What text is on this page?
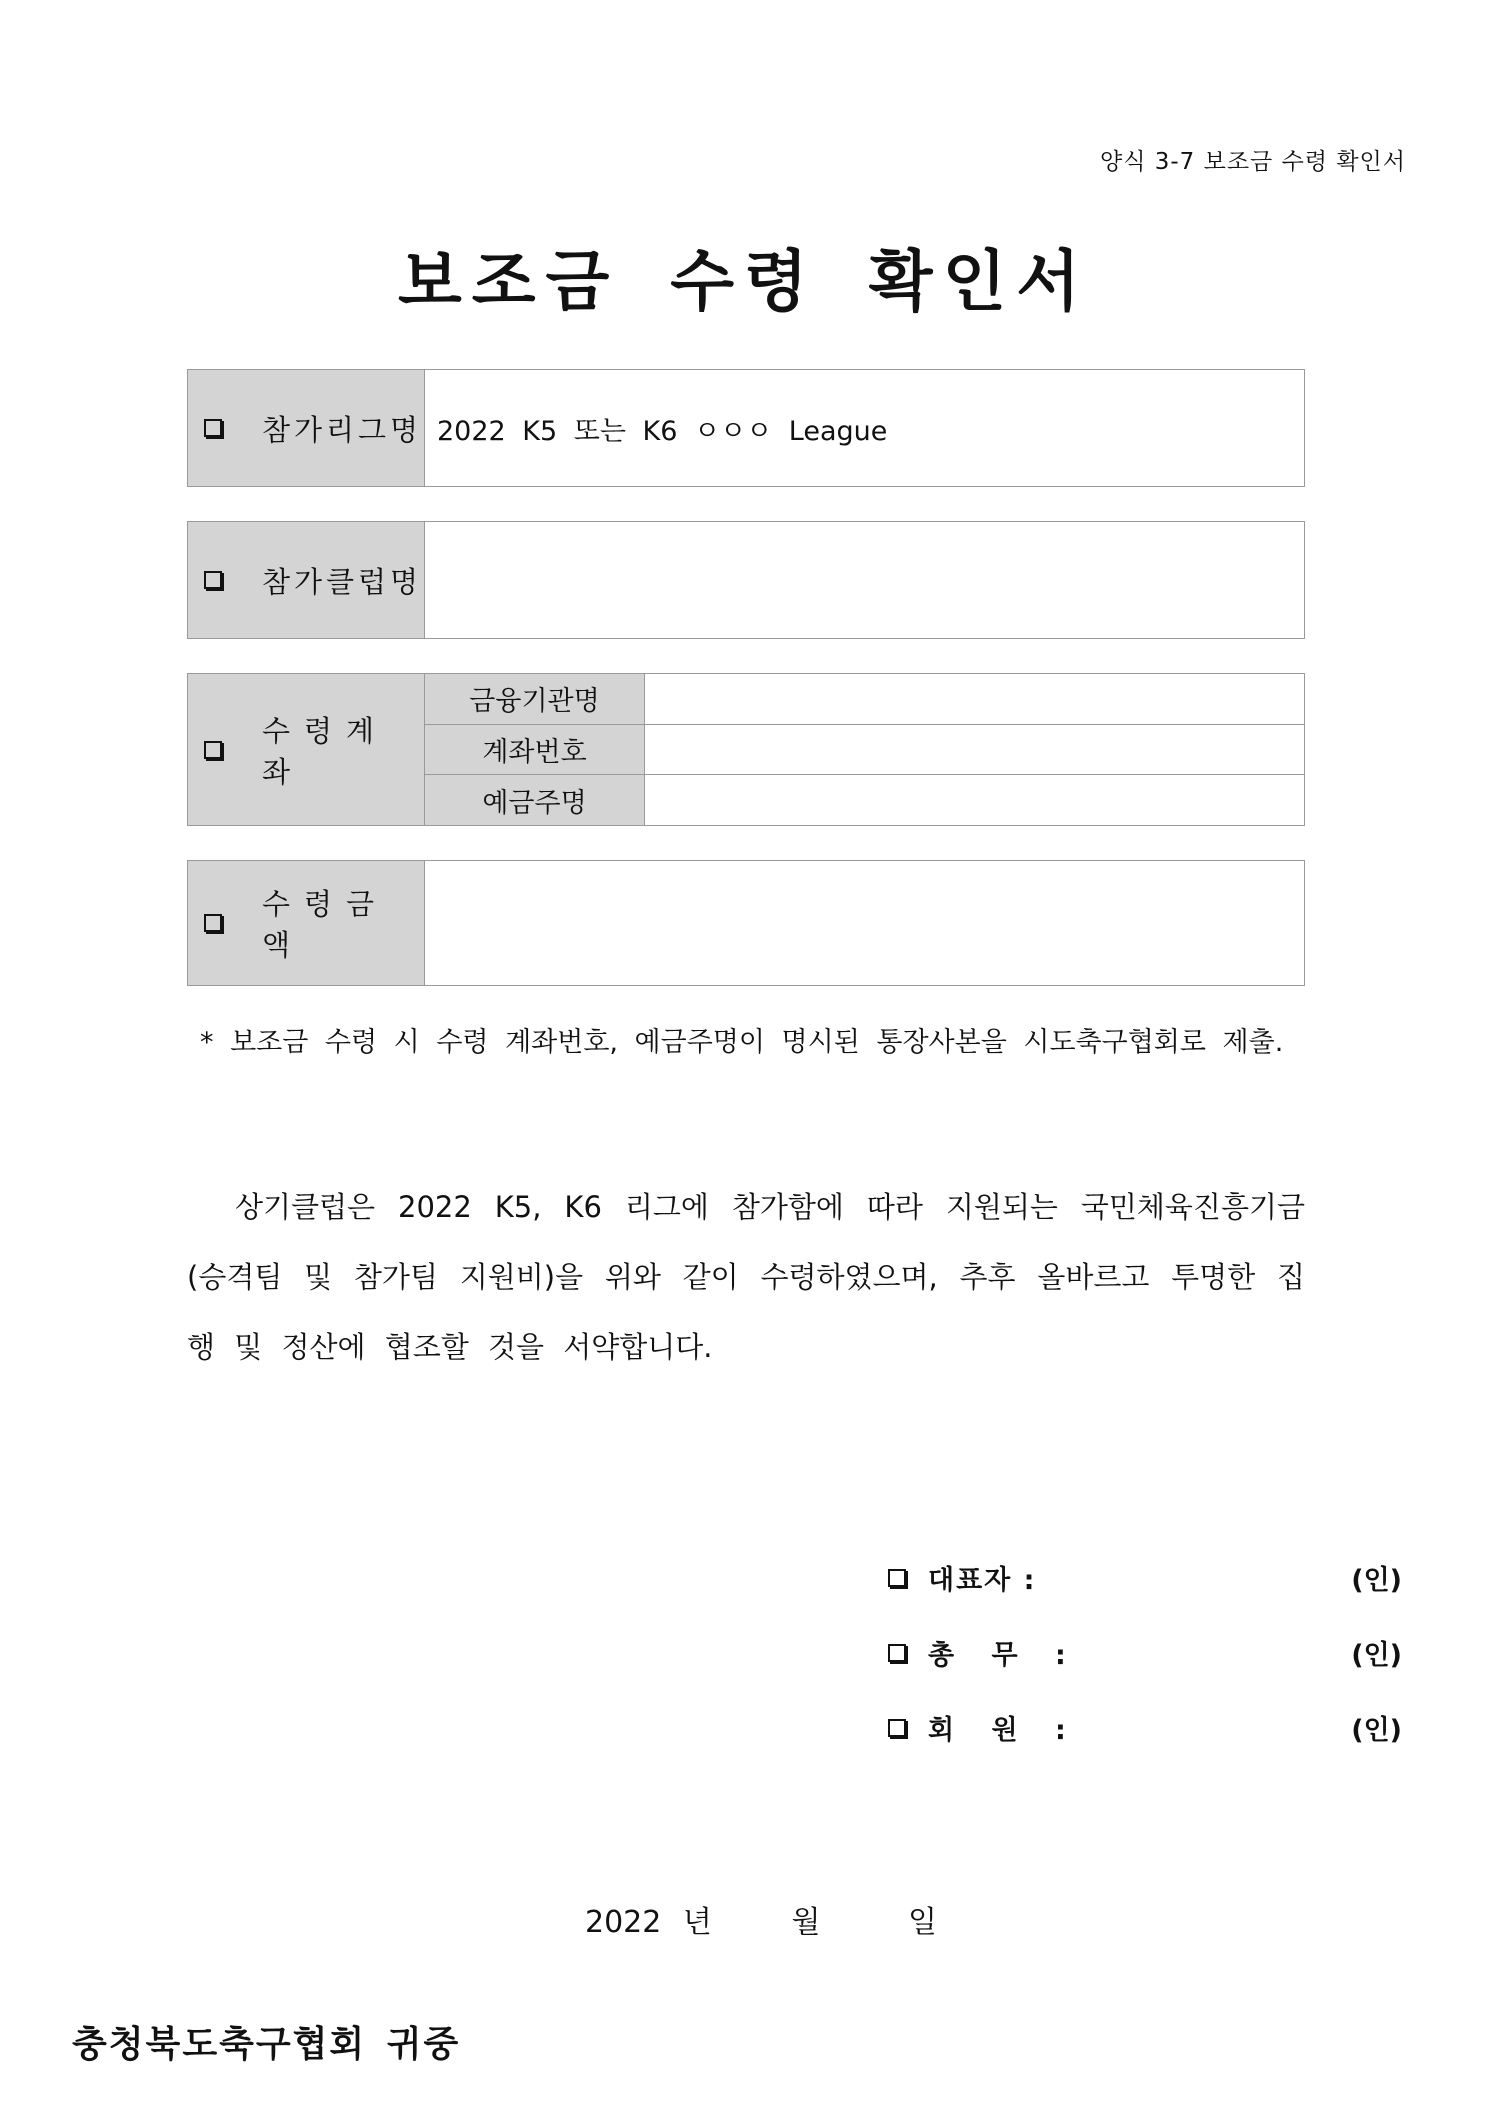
양식 3-7 보조금 수령 확인서
보조금 수령 확인서
참가리그명 2022 K5 또는 K6 ㅇㅇㅇ League
참가클럽명
수령계좌
금융기관명
계좌번호
예금주명
수령금액
* 보조금 수령 시 수령 계좌번호, 예금주명이 명시된 통장사본을 시도축구협회로 제출.
상기클럽은 2022 K5, K6 리그에 참가함에 따라 지원되는 국민체육진흥기금 (승격팀 및 참가팀 지원비)을 위와 같이 수령하였으며, 추후 올바르고 투명한 집행 및 정산에 협조할 것을 서약합니다.
대표자 :	(인)
총 무 :	(인)
회 원 :	(인)
2022 년	월	일
충청북도축구협회 귀중
